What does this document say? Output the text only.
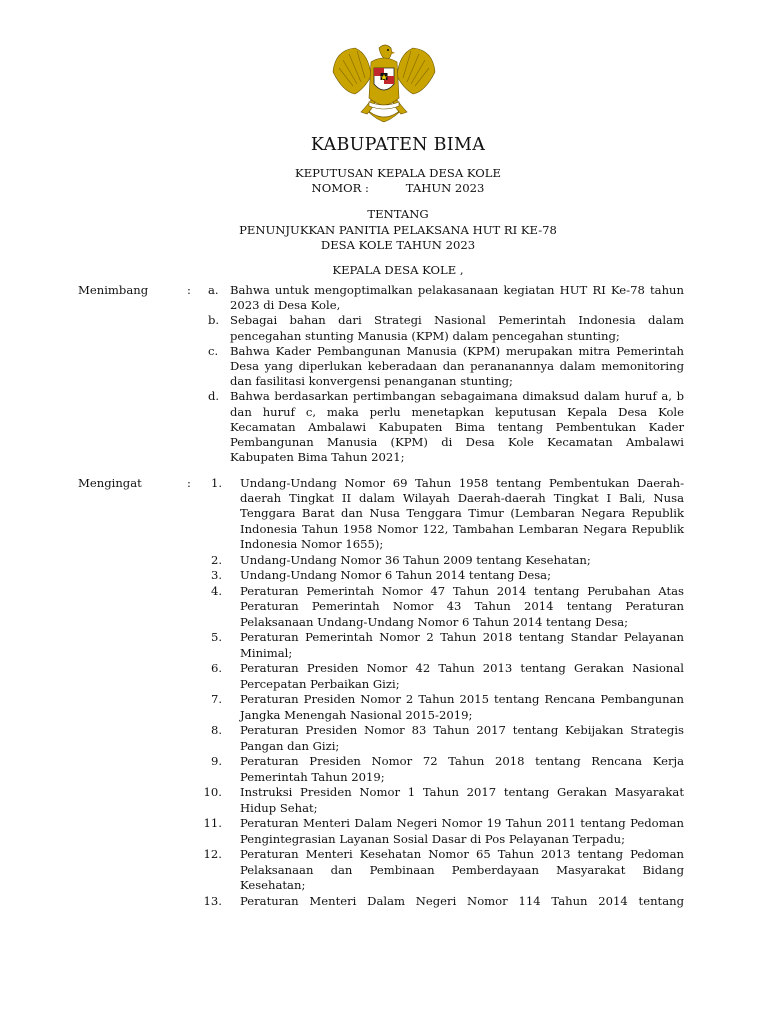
KABUPATEN BIMA
KEPUTUSAN KEPALA DESA KOLE
NOMOR :          TAHUN 2023
TENTANG
PENUNJUKKAN PANITIA PELAKSANA HUT RI KE-78
DESA KOLE TAHUN 2023
KEPALA DESA KOLE ,
Menimbang	: a. Bahwa untuk mengoptimalkan pelakasanaan kegiatan HUT RI Ke-78 tahun 2023 di Desa Kole,
b. Sebagai bahan dari Strategi Nasional Pemerintah Indonesia dalam pencegahan stunting Manusia (KPM) dalam pencegahan stunting;
c. Bahwa Kader Pembangunan Manusia (KPM) merupakan mitra Pemerintah Desa yang diperlukan keberadaan dan perananannya dalam memonitoring dan fasilitasi konvergensi penanganan stunting;
d. Bahwa berdasarkan pertimbangan sebagaimana dimaksud dalam huruf a, b dan huruf c, maka perlu menetapkan keputusan Kepala Desa Kole Kecamatan Ambalawi Kabupaten Bima tentang Pembentukan Kader Pembangunan Manusia (KPM) di Desa Kole Kecamatan Ambalawi Kabupaten Bima Tahun 2021;
Mengingat	:	1. Undang-Undang Nomor 69 Tahun 1958 tentang Pembentukan Daerah-daerah Tingkat II dalam Wilayah Daerah-daerah Tingkat I Bali, Nusa Tenggara Barat dan Nusa Tenggara Timur (Lembaran Negara Republik Indonesia Tahun 1958 Nomor 122, Tambahan Lembaran Negara Republik Indonesia Nomor 1655);
2. Undang-Undang Nomor 36 Tahun 2009 tentang Kesehatan;
3. Undang-Undang Nomor 6 Tahun 2014 tentang Desa;
4. Peraturan Pemerintah Nomor 47 Tahun 2014 tentang Perubahan Atas Peraturan Pemerintah Nomor 43 Tahun 2014 tentang Peraturan Pelaksanaan Undang-Undang Nomor 6 Tahun 2014 tentang Desa;
5. Peraturan Pemerintah Nomor 2 Tahun 2018 tentang Standar Pelayanan Minimal;
6. Peraturan Presiden Nomor 42 Tahun 2013 tentang Gerakan Nasional Percepatan Perbaikan Gizi;
7. Peraturan Presiden Nomor 2 Tahun 2015 tentang Rencana Pembangunan Jangka Menengah Nasional 2015-2019;
8. Peraturan Presiden Nomor 83 Tahun 2017 tentang Kebijakan Strategis Pangan dan Gizi;
9. Peraturan Presiden Nomor 72 Tahun 2018 tentang Rencana Kerja Pemerintah Tahun 2019;
10. Instruksi Presiden Nomor 1 Tahun 2017 tentang Gerakan Masyarakat Hidup Sehat;
11. Peraturan Menteri Dalam Negeri Nomor 19 Tahun 2011 tentang Pedoman Pengintegrasian Layanan Sosial Dasar di Pos Pelayanan Terpadu;
12. Peraturan Menteri Kesehatan Nomor 65 Tahun 2013 tentang Pedoman Pelaksanaan dan Pembinaan Pemberdayaan Masyarakat Bidang Kesehatan;
13. Peraturan Menteri Dalam Negeri Nomor 114 Tahun 2014 tentang
